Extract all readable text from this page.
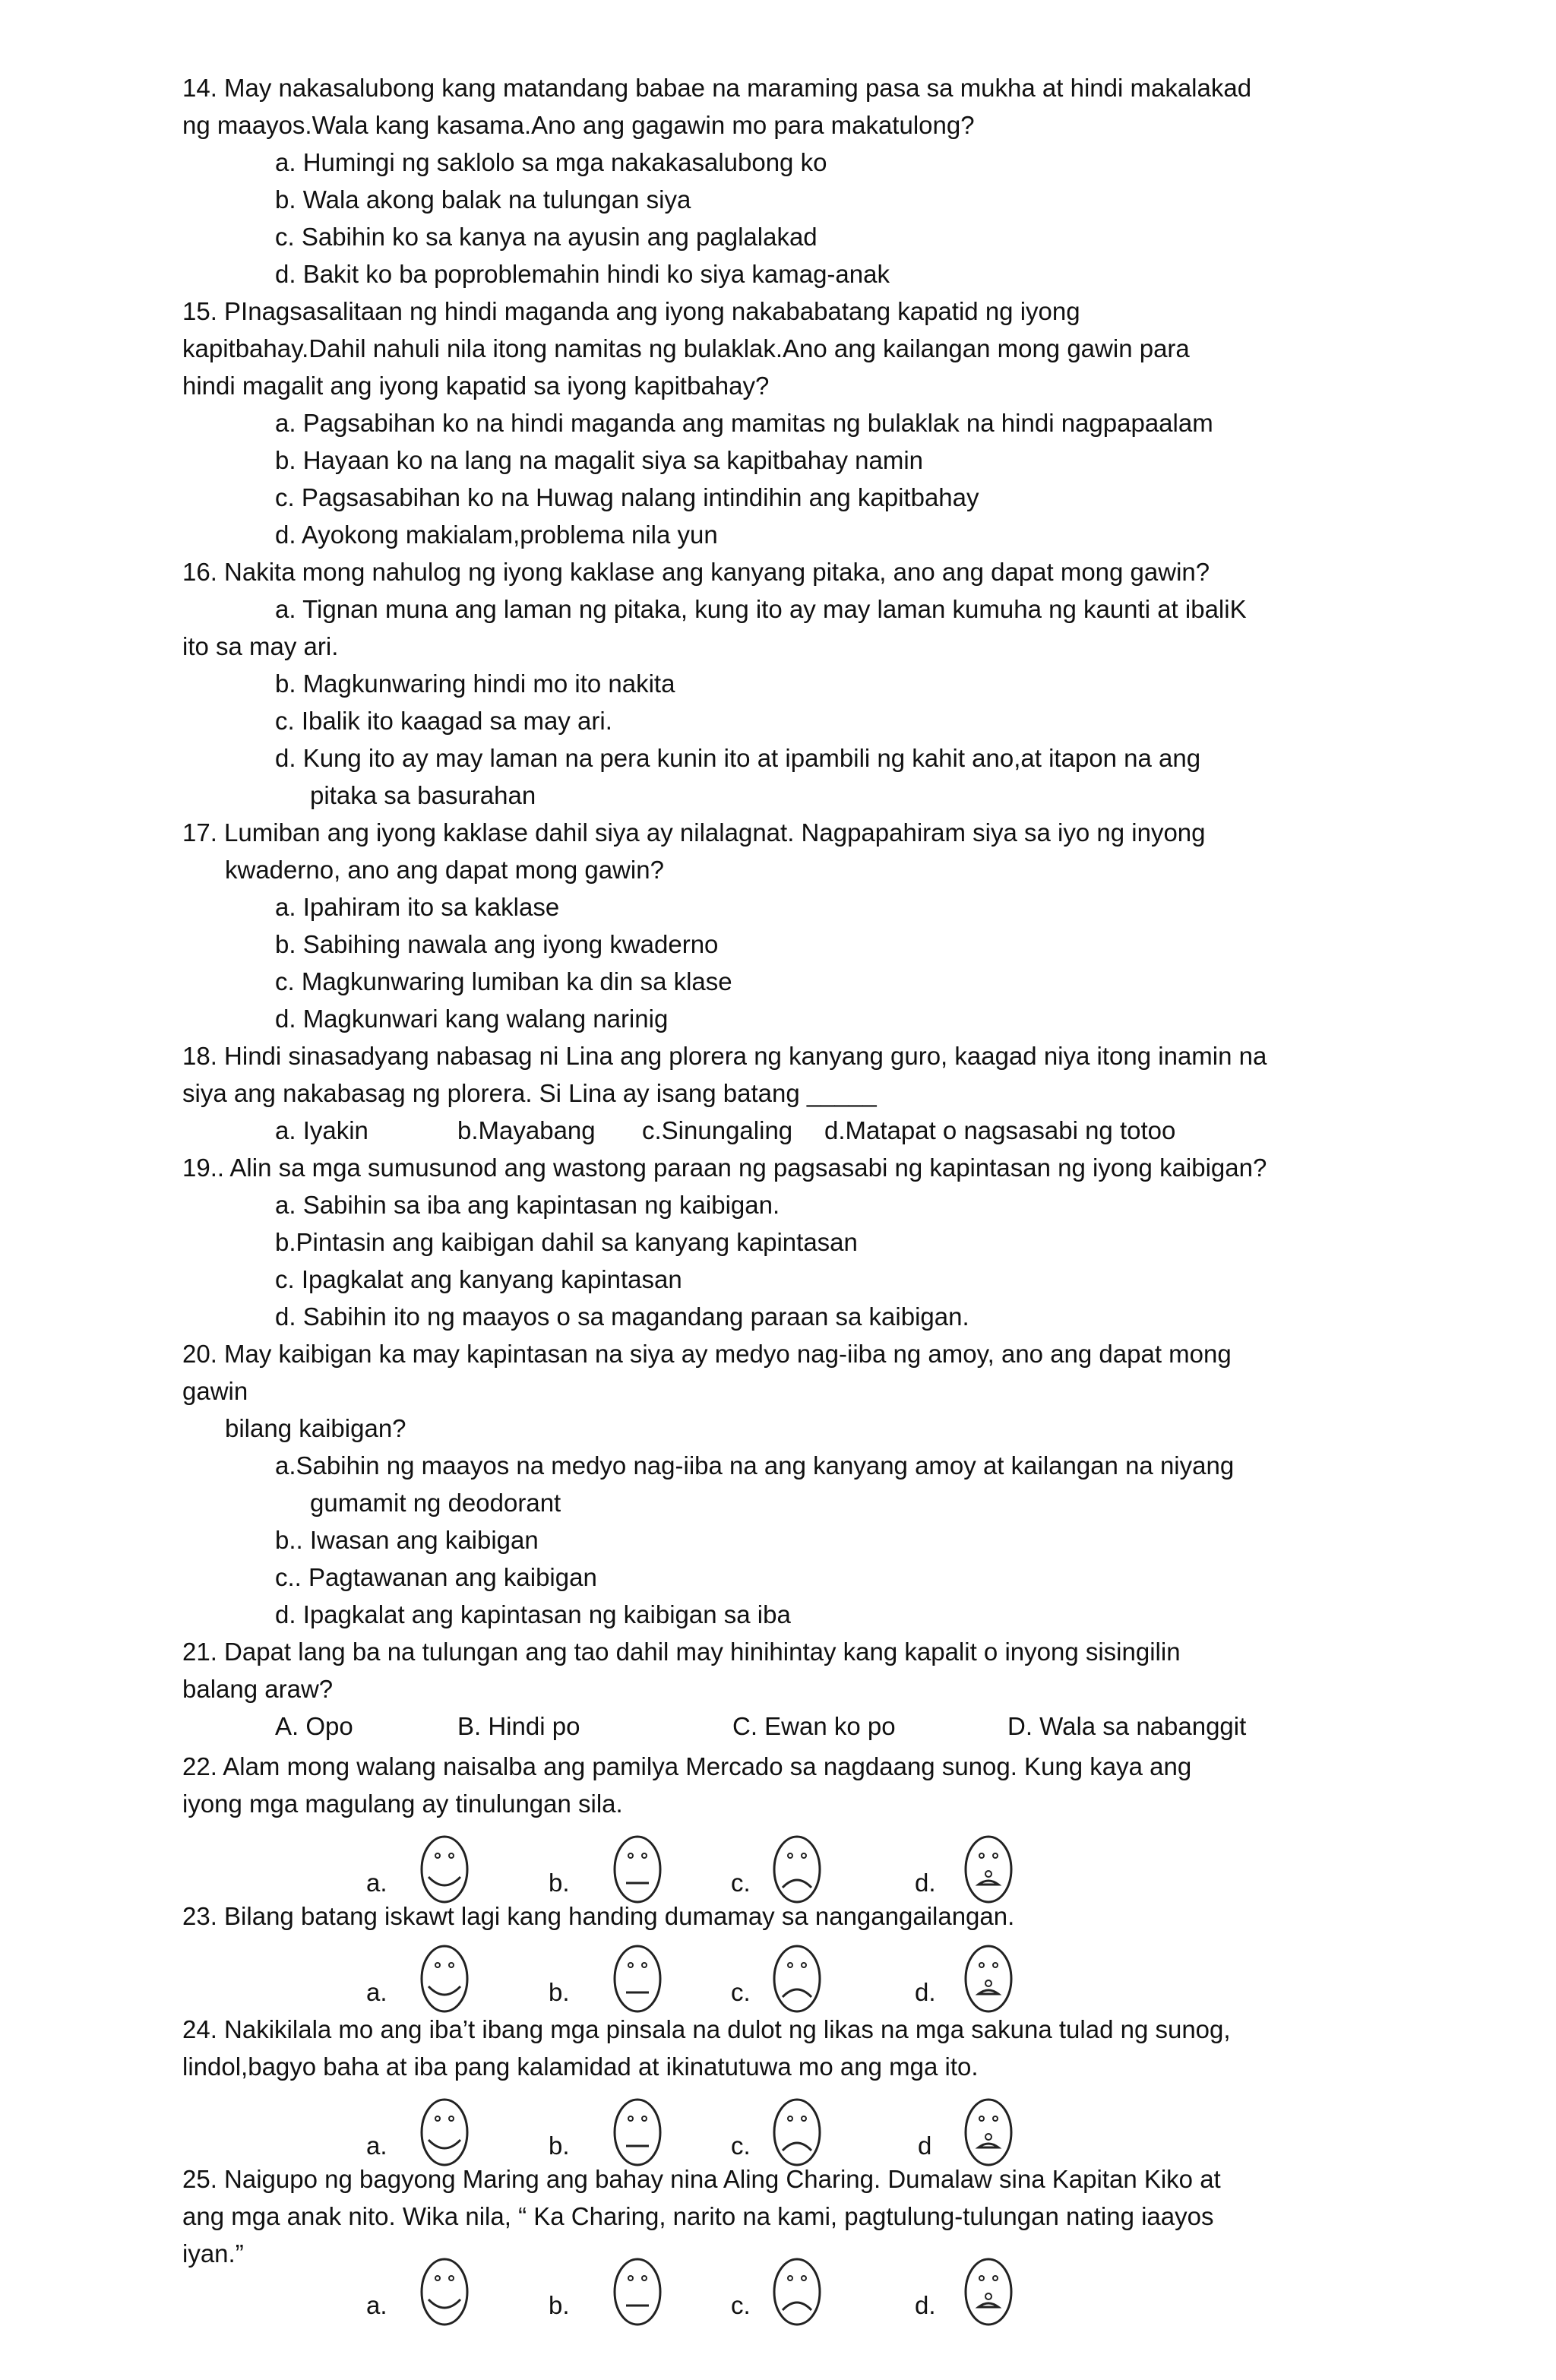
14. May nakasalubong kang matandang babae na maraming pasa sa mukha at hindi makalakad
ng maayos.Wala kang kasama.Ano ang gagawin mo para makatulong?
a. Humingi ng saklolo sa mga nakakasalubong ko
b. Wala akong balak na tulungan siya
c. Sabihin ko sa kanya na ayusin ang paglalakad
d. Bakit ko ba poproblemahin hindi ko siya kamag-anak
15. PInagsasalitaan ng hindi maganda ang iyong nakababatang kapatid ng iyong
kapitbahay.Dahil nahuli nila itong namitas ng bulaklak.Ano ang kailangan mong gawin para
hindi magalit ang iyong kapatid sa iyong kapitbahay?
a. Pagsabihan ko na hindi maganda ang mamitas ng bulaklak na hindi nagpapaalam
b. Hayaan ko na lang na magalit siya sa kapitbahay namin
c. Pagsasabihan ko na Huwag nalang intindihin ang kapitbahay
d. Ayokong makialam,problema nila yun
16. Nakita mong nahulog ng iyong kaklase ang kanyang pitaka, ano ang dapat mong gawin?
a. Tignan muna ang laman ng pitaka, kung ito ay may laman kumuha ng kaunti at ibaliK
ito sa may ari.
b. Magkunwaring hindi mo ito nakita
c. Ibalik ito kaagad sa may ari.
d. Kung ito ay may laman na pera kunin ito at ipambili ng kahit ano,at itapon na ang
pitaka sa basurahan
17. Lumiban ang iyong kaklase dahil siya ay nilalagnat. Nagpapahiram siya sa iyo ng inyong
kwaderno, ano ang dapat mong gawin?
a. Ipahiram ito sa kaklase
b. Sabihing nawala ang iyong kwaderno
c. Magkunwaring lumiban ka din sa klase
d. Magkunwari kang walang narinig
18. Hindi sinasadyang nabasag ni Lina ang plorera ng kanyang guro, kaagad niya itong inamin na
siya ang nakabasag ng plorera. Si Lina ay isang batang _____
a. Iyakin	b.Mayabang c.Sinungaling d.Matapat o nagsasabi ng totoo
19.. Alin sa mga sumusunod ang wastong paraan ng pagsasabi ng kapintasan ng iyong kaibigan?
a. Sabihin sa iba ang kapintasan ng kaibigan.
b.Pintasin ang kaibigan dahil sa kanyang kapintasan
c. Ipagkalat ang kanyang kapintasan
d. Sabihin ito ng maayos o sa magandang paraan sa kaibigan.
20. May kaibigan ka may kapintasan na siya ay medyo nag-iiba ng amoy, ano ang dapat mong
gawin
bilang kaibigan?
a.Sabihin ng maayos na medyo nag-iiba na ang kanyang amoy at kailangan na niyang
gumamit ng deodorant
b.. Iwasan ang kaibigan
c.. Pagtawanan ang kaibigan
d. Ipagkalat ang kapintasan ng kaibigan sa iba
21. Dapat lang ba na tulungan ang tao dahil may hinihintay kang kapalit o inyong sisingilin
balang araw?
A. Opo	B. Hindi po	C. Ewan ko po	D. Wala sa nabanggit
22. Alam mong walang naisalba ang pamilya Mercado sa nagdaang sunog. Kung kaya ang
iyong mga magulang ay tinulungan sila.
a.	b.	c.	d.
23. Bilang batang iskawt lagi kang handing dumamay sa nangangailangan.
a.	b.	c.	d.
24. Nakikilala mo ang iba’t ibang mga pinsala na dulot ng likas na mga sakuna tulad ng sunog,
lindol,bagyo baha at iba pang kalamidad at ikinatutuwa mo ang mga ito.
a.	b.	c.	d
25. Naigupo ng bagyong Maring ang bahay nina Aling Charing. Dumalaw sina Kapitan Kiko at
ang mga anak nito. Wika nila, “ Ka Charing, narito na kami, pagtulung-tulungan nating iaayos
iyan.”
a.	b.	c.	d.
